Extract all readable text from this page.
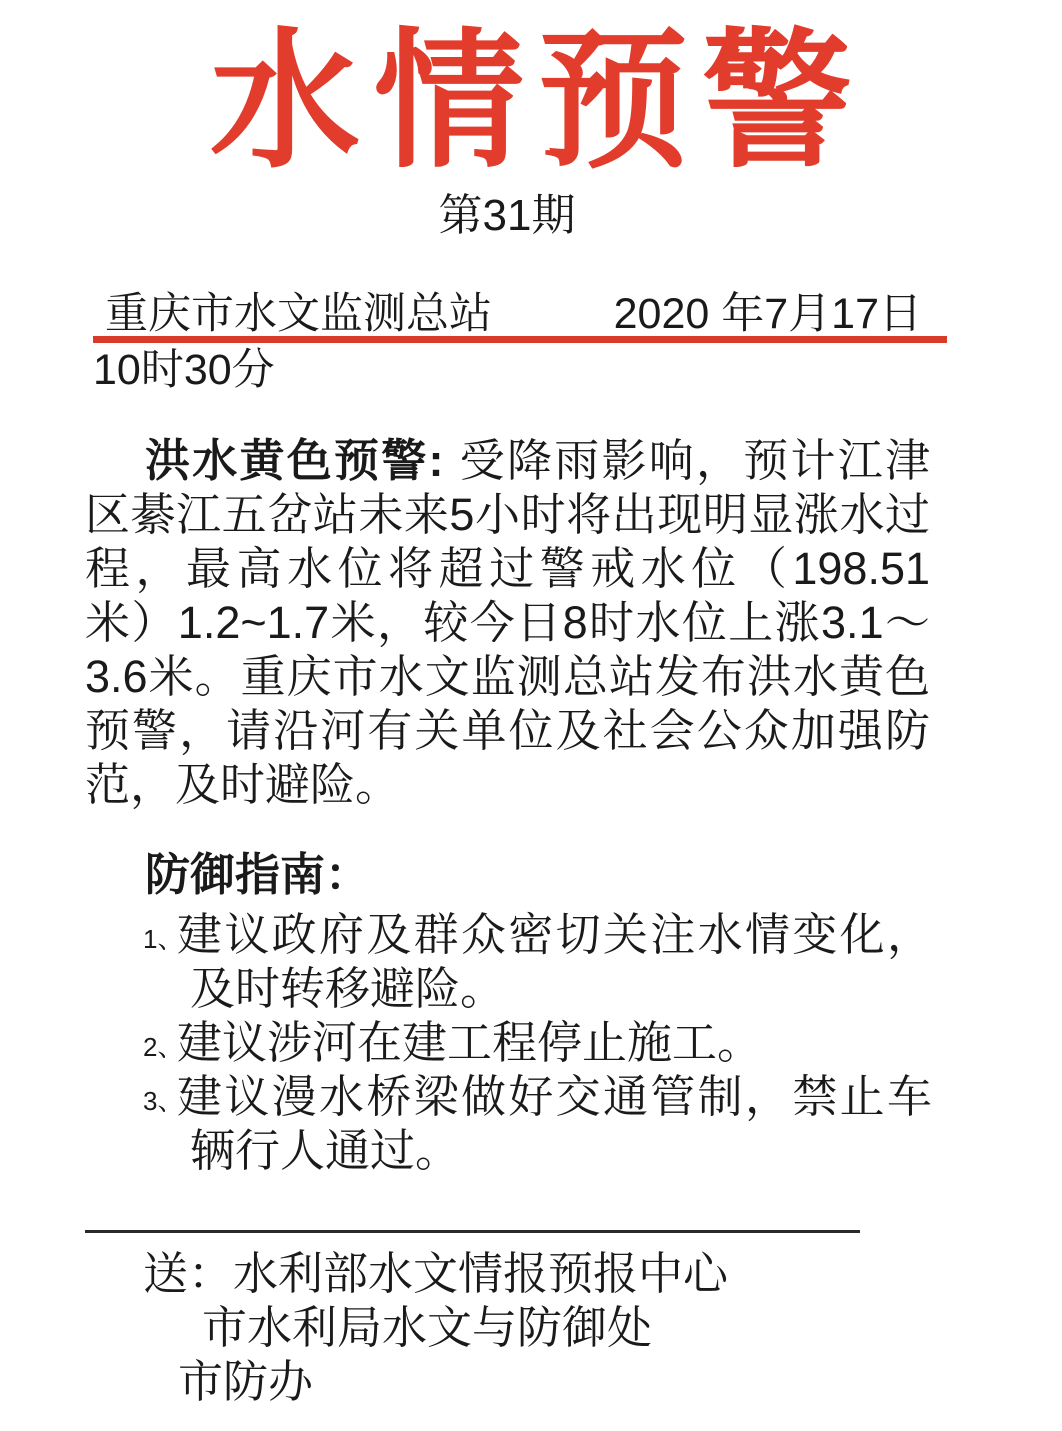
水情预警
第31期
重庆市水文监测总站	2020 年7月17日
10时30分

洪水黄色预警: 受降雨影响，预计江津区綦江五岔站未来5小时将出现明显涨水过程，最高水位将超过警戒水位（198.51 米）1.2~1.7米，较今日8时水位上涨3.1～3.6米。重庆市水文监测总站发布洪水黄色预警，请沿河有关单位及社会公众加强防范，及时避险。

防御指南：
1、
建议政府及群众密切关注水情变化，及时转移避险。
2、
建议涉河在建工程停止施工。
3、
建议漫水桥梁做好交通管制，禁止车辆行人通过。
送：水利部水文情报预报中心
市水利局水文与防御处
市防办
